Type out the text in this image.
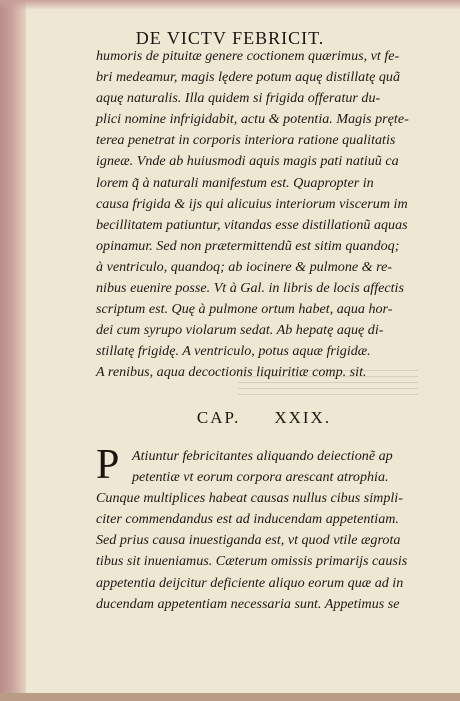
DE VICTV FEBRICIT.
humoris de pituitæ genere coctionem quærimus, vt fe-
bri medeamur, magis lędere potum aquę distillatę quã
aquę naturalis. Illa quidem si frigida offeratur du-
plici nomine infrigidabit, actu & potentia. Magis pręte-
terea penetrat in corporis interiora ratione qualitatis
igneæ. Vnde ab huiusmodi aquis magis pati natiuũ ca
lorem q̃ à naturali manifestum est. Quapropter in
causa frigida & ijs qui alicuius interiorum viscerum im
becillitatem patiuntur, vitandas esse distillationũ aquas
opinamur. Sed non prætermittendũ est sitim quandoq;
à ventriculo, quandoq; ab iocinere & pulmone & re-
nibus euenire posse. Vt à Gal. in libris de locis affectis
scriptum est. Quę à pulmone ortum habet, aqua hor-
dei cum syrupo violarum sedat. Ab hepatę aquę di-
stillatę frigidę. A ventriculo, potus aquæ frigidæ.
A renibus, aqua decoctionis liquiritiæ comp. sit.
CAP. XXIX.
P Atiuntur febricitantes aliquando deiectionẽ ap
petentiæ vt eorum corpora arescant atrophia.
Cunque multiplices habeat causas nullus cibus simpli-
citer commendandus est ad inducendam appetentiam.
Sed prius causa inuestiganda est, vt quod vtile ægrota
tibus sit inueniamus. Cæterum omissis primarijs causis
appetentia deijcitur deficiente aliquo eorum quæ ad in
ducendam appetentiam necessaria sunt. Appetimus se
